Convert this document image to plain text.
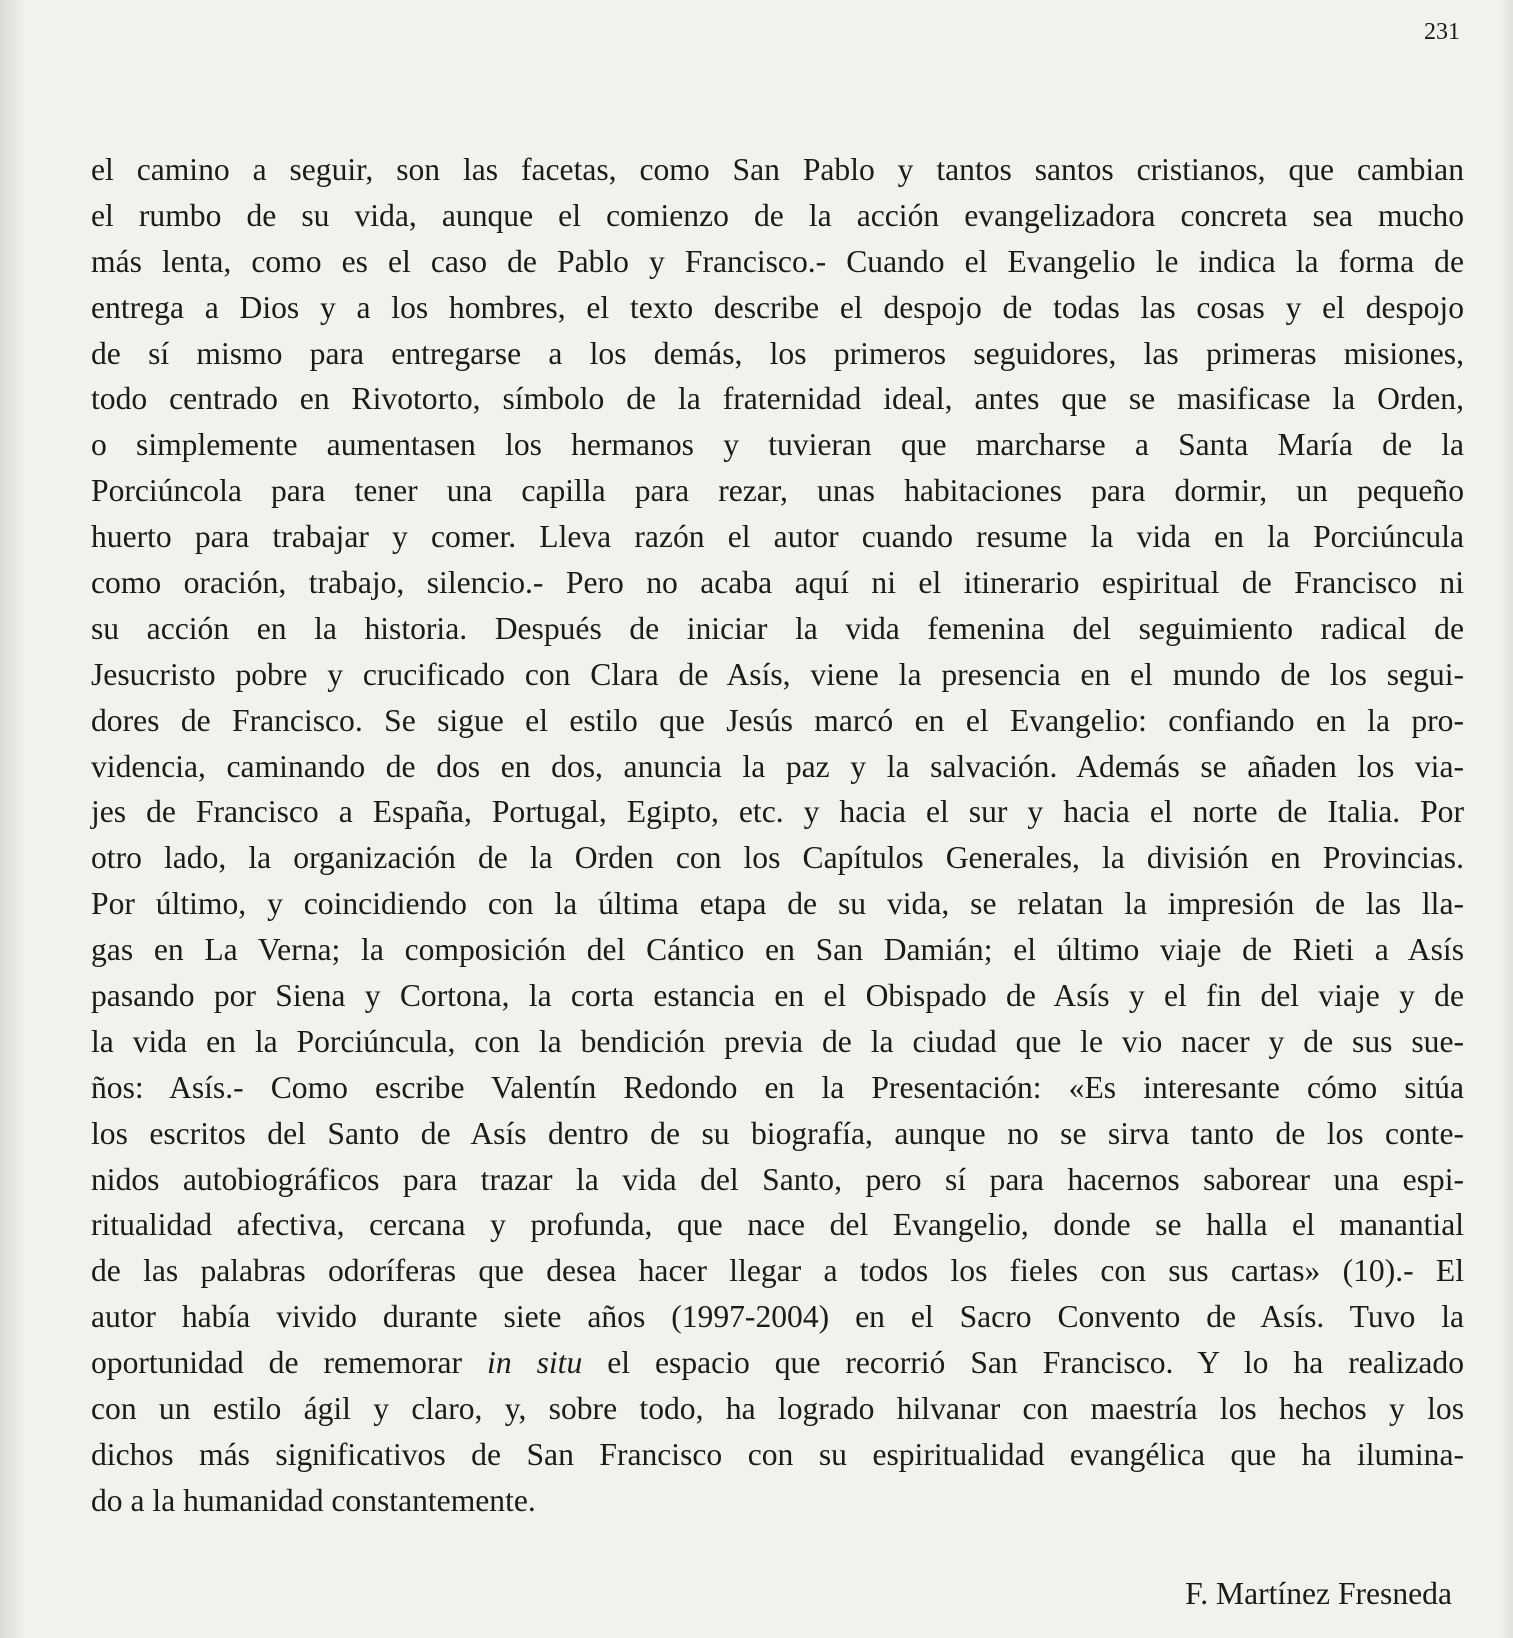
231
el camino a seguir, son las facetas, como San Pablo y tantos santos cristianos, que cambian
el rumbo de su vida, aunque el comienzo de la acción evangelizadora concreta sea mucho
más lenta, como es el caso de Pablo y Francisco.- Cuando el Evangelio le indica la forma de
entrega a Dios y a los hombres, el texto describe el despojo de todas las cosas y el despojo
de sí mismo para entregarse a los demás, los primeros seguidores, las primeras misiones,
todo centrado en Rivotorto, símbolo de la fraternidad ideal, antes que se masificase la Orden,
o simplemente aumentasen los hermanos y tuvieran que marcharse a Santa María de la
Porciúncola para tener una capilla para rezar, unas habitaciones para dormir, un pequeño
huerto para trabajar y comer. Lleva razón el autor cuando resume la vida en la Porciúncula
como oración, trabajo, silencio.- Pero no acaba aquí ni el itinerario espiritual de Francisco ni
su acción en la historia. Después de iniciar la vida femenina del seguimiento radical de
Jesucristo pobre y crucificado con Clara de Asís, viene la presencia en el mundo de los segui-
dores de Francisco. Se sigue el estilo que Jesús marcó en el Evangelio: confiando en la pro-
videncia, caminando de dos en dos, anuncia la paz y la salvación. Además se añaden los via-
jes de Francisco a España, Portugal, Egipto, etc. y hacia el sur y hacia el norte de Italia. Por
otro lado, la organización de la Orden con los Capítulos Generales, la división en Provincias.
Por último, y coincidiendo con la última etapa de su vida, se relatan la impresión de las lla-
gas en La Verna; la composición del Cántico en San Damián; el último viaje de Rieti a Asís
pasando por Siena y Cortona, la corta estancia en el Obispado de Asís y el fin del viaje y de
la vida en la Porciúncula, con la bendición previa de la ciudad que le vio nacer y de sus sue-
ños: Asís.- Como escribe Valentín Redondo en la Presentación: «Es interesante cómo sitúa
los escritos del Santo de Asís dentro de su biografía, aunque no se sirva tanto de los conte-
nidos autobiográficos para trazar la vida del Santo, pero sí para hacernos saborear una espi-
ritualidad afectiva, cercana y profunda, que nace del Evangelio, donde se halla el manantial
de las palabras odoríferas que desea hacer llegar a todos los fieles con sus cartas» (10).- El
autor había vivido durante siete años (1997-2004) en el Sacro Convento de Asís. Tuvo la
oportunidad de rememorar in situ el espacio que recorrió San Francisco. Y lo ha realizado
con un estilo ágil y claro, y, sobre todo, ha logrado hilvanar con maestría los hechos y los
dichos más significativos de San Francisco con su espiritualidad evangélica que ha ilumina-
do a la humanidad constantemente.
F. Martínez Fresneda
